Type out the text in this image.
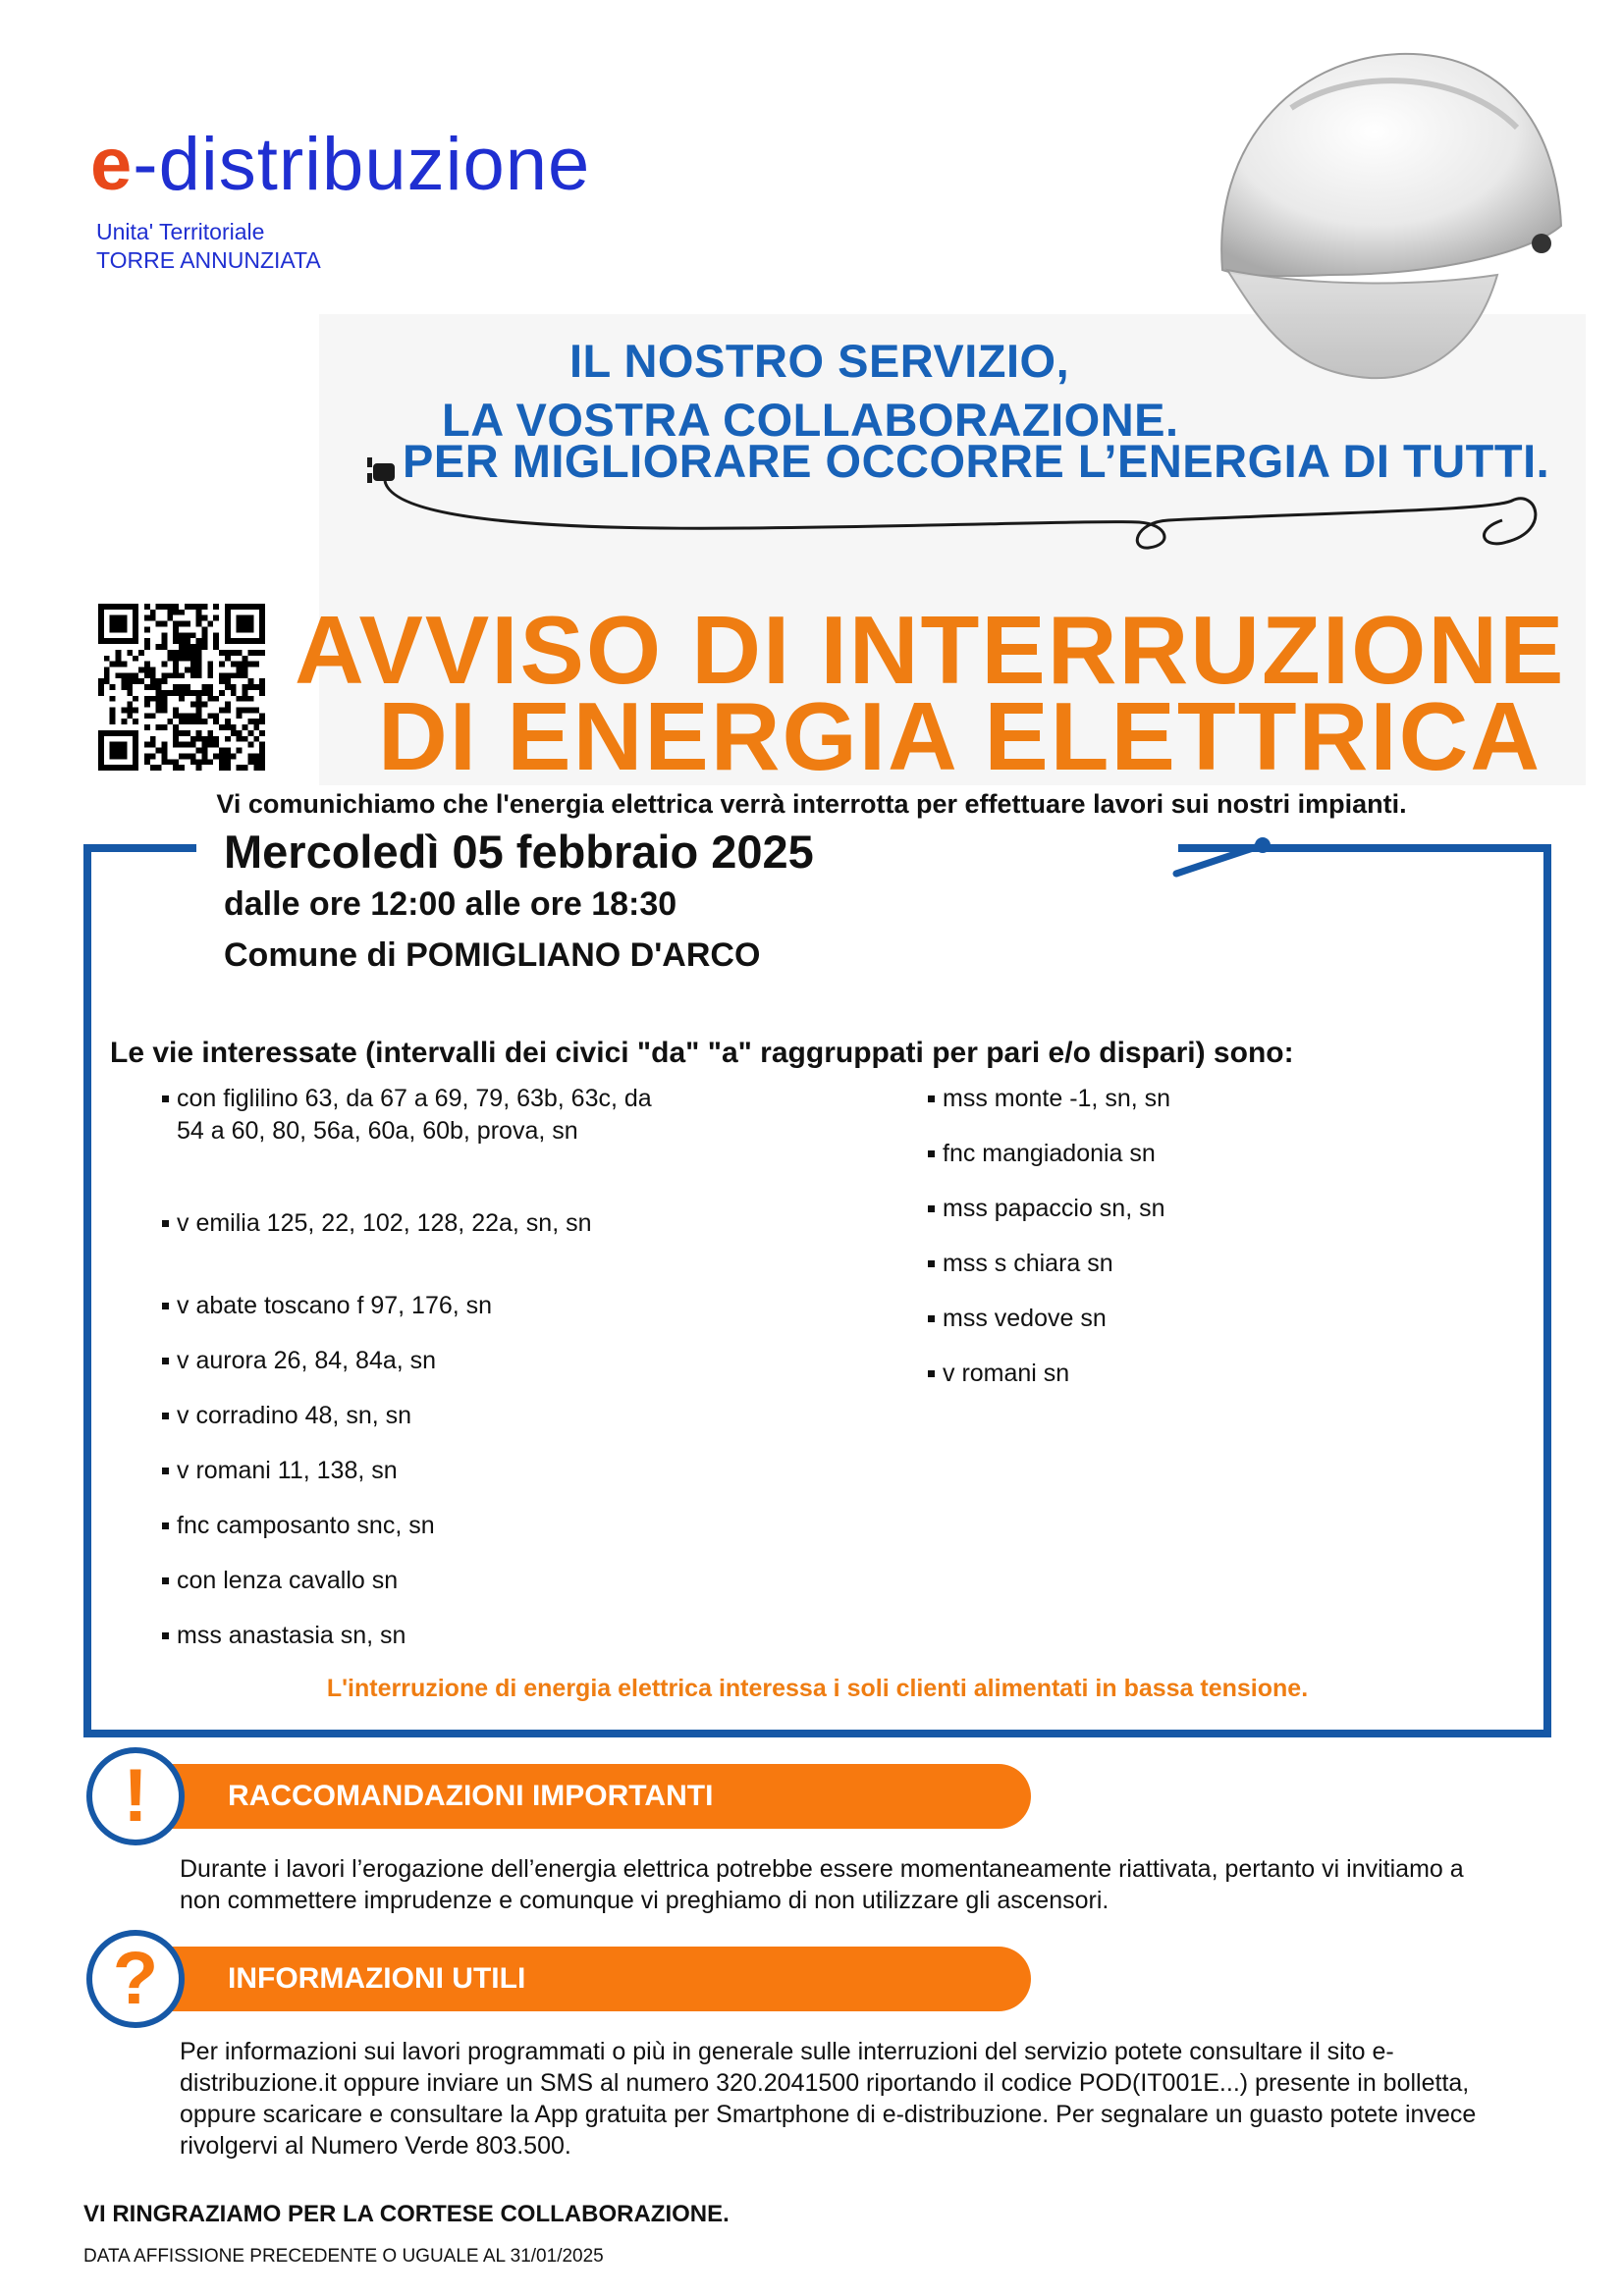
e-distribuzione
Unita' Territoriale
TORRE ANNUNZIATA
IL NOSTRO SERVIZIO,
LA VOSTRA COLLABORAZIONE.
PER MIGLIORARE OCCORRE L’ENERGIA DI TUTTI.
AVVISO DI INTERRUZIONE
DI ENERGIA ELETTRICA
Vi comunichiamo che l'energia elettrica verrà interrotta per effettuare lavori sui nostri impianti.
Mercoledì 05 febbraio 2025
dalle ore 12:00 alle ore 18:30
Comune di POMIGLIANO D'ARCO
Le vie interessate (intervalli dei civici "da" "a" raggruppati per pari e/o dispari) sono:
con figlilino 63, da 67 a 69, 79, 63b, 63c, da
54 a 60, 80, 56a, 60a, 60b, prova, sn
v emilia 125, 22, 102, 128, 22a, sn, sn
v abate toscano f 97, 176, sn
v aurora 26, 84, 84a, sn
v corradino 48, sn, sn
v romani 11, 138, sn
fnc camposanto snc, sn
con lenza cavallo sn
mss anastasia sn, sn
mss monte -1, sn, sn
fnc mangiadonia sn
mss papaccio sn, sn
mss s chiara sn
mss vedove sn
v romani sn
L'interruzione di energia elettrica interessa i soli clienti alimentati in bassa tensione.
RACCOMANDAZIONI IMPORTANTI
!
Durante i lavori l’erogazione dell’energia elettrica potrebbe essere momentaneamente riattivata, pertanto vi invitiamo a non commettere imprudenze e comunque vi preghiamo di non utilizzare gli ascensori.
INFORMAZIONI UTILI
?
Per informazioni sui lavori programmati o più in generale sulle interruzioni del servizio potete consultare il sito e-distribuzione.it oppure inviare un SMS al numero 320.2041500 riportando il codice POD(IT001E...) presente in bolletta, oppure scaricare e consultare la App gratuita per Smartphone di e-distribuzione. Per segnalare un guasto potete invece rivolgervi al Numero Verde 803.500.
VI RINGRAZIAMO PER LA CORTESE COLLABORAZIONE.
DATA AFFISSIONE PRECEDENTE O UGUALE AL 31/01/2025
